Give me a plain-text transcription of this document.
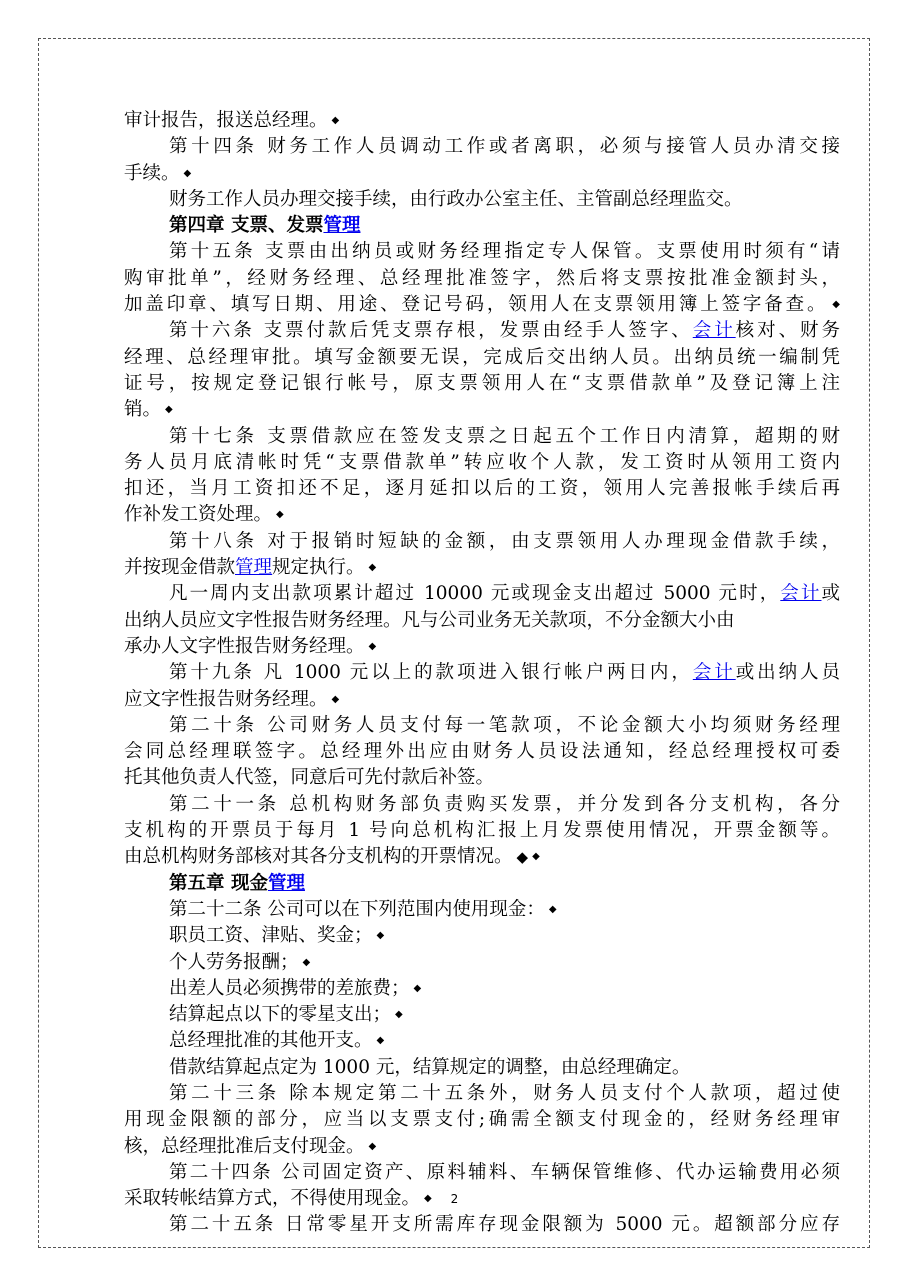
审计报告，报送总经理。 ◆
第十四条 财务工作人员调动工作或者离职，必须与接管人员办清交接
手续。 ◆
财务工作人员办理交接手续，由行政办公室主任、主管副总经理监交。
第四章 支票、发票管理
第十五条 支票由出纳员或财务经理指定专人保管。支票使用时须有“请
购审批单”，经财务经理、总经理批准签字，然后将支票按批准金额封头，
加盖印章、填写日期、用途、登记号码，领用人在支票领用簿上签字备查。 ◆
第十六条 支票付款后凭支票存根，发票由经手人签字、会计核对、财务
经理、总经理审批。填写金额要无误，完成后交出纳人员。出纳员统一编制凭
证号，按规定登记银行帐号，原支票领用人在“支票借款单”及登记簿上注
销。 ◆
第十七条 支票借款应在签发支票之日起五个工作日内清算，超期的财
务人员月底清帐时凭“支票借款单”转应收个人款，发工资时从领用工资内
扣还，当月工资扣还不足，逐月延扣以后的工资，领用人完善报帐手续后再
作补发工资处理。 ◆
第十八条 对于报销时短缺的金额，由支票领用人办理现金借款手续，
并按现金借款管理规定执行。 ◆
凡一周内支出款项累计超过 10000 元或现金支出超过 5000 元时，会计或
出纳人员应文字性报告财务经理。凡与公司业务无关款项，不分金额大小由
承办人文字性报告财务经理。 ◆
第十九条 凡 1000 元以上的款项进入银行帐户两日内，会计或出纳人员
应文字性报告财务经理。 ◆
第二十条 公司财务人员支付每一笔款项，不论金额大小均须财务经理
会同总经理联签字。总经理外出应由财务人员设法通知，经总经理授权可委
托其他负责人代签，同意后可先付款后补签。
第二十一条 总机构财务部负责购买发票，并分发到各分支机构，各分
支机构的开票员于每月 1 号向总机构汇报上月发票使用情况，开票金额等。
由总机构财务部核对其各分支机构的开票情况。 ◆ ◆
第五章 现金管理
第二十二条 公司可以在下列范围内使用现金： ◆
职员工资、津贴、奖金； ◆
个人劳务报酬； ◆
出差人员必须携带的差旅费； ◆
结算起点以下的零星支出； ◆
总经理批准的其他开支。 ◆
借款结算起点定为 1000 元，结算规定的调整，由总经理确定。
第二十三条 除本规定第二十五条外，财务人员支付个人款项，超过使
用现金限额的部分，应当以支票支付;确需全额支付现金的，经财务经理审
核，总经理批准后支付现金。 ◆
第二十四条 公司固定资产、原料辅料、车辆保管维修、代办运输费用必须
采取转帐结算方式，不得使用现金。 ◆
第二十五条 日常零星开支所需库存现金限额为 5000 元。超额部分应存
2
